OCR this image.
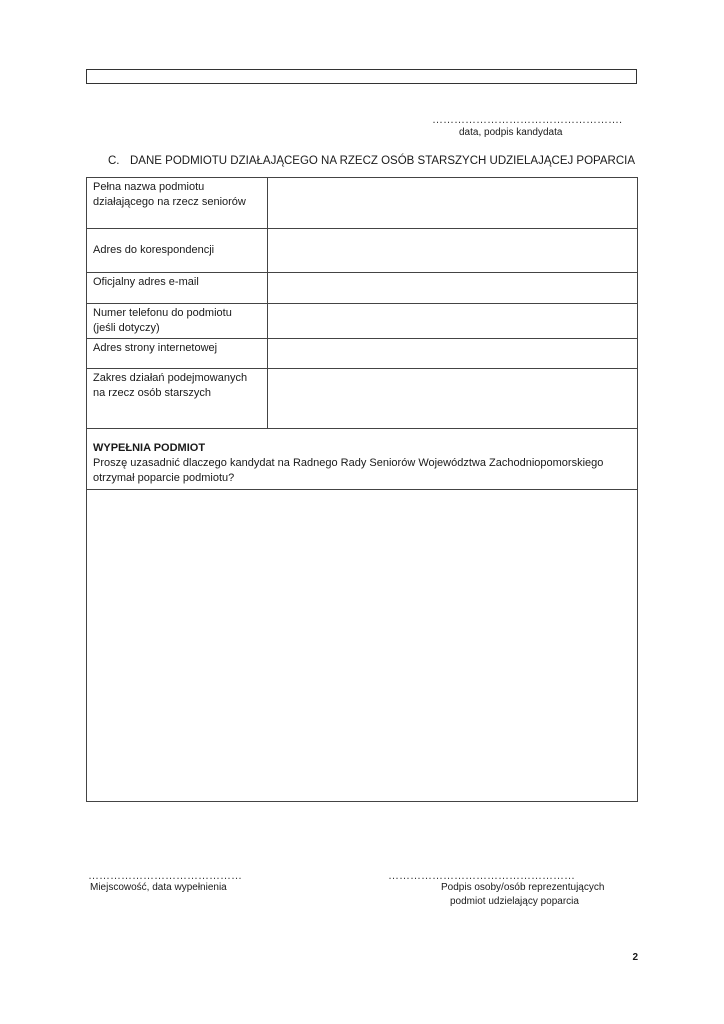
…………………………………………….
data, podpis kandydata
C. DANE PODMIOTU DZIAŁAJĄCEGO NA RZECZ OSÓB STARSZYCH UDZIELAJĄCEJ POPARCIA
Pełna nazwa podmiotu
działającego na rzecz seniorów	
Adres do korespondencji	
Oficjalny adres e-mail	
Numer telefonu do podmiotu
(jeśli dotyczy)	
Adres strony internetowej	
Zakres działań podejmowanych
na rzecz osób starszych	

WYPEŁNIA PODMIOT
Proszę uzasadnić dlaczego kandydat na Radnego Rady Seniorów Województwa Zachodniopomorskiego otrzymał poparcie podmiotu?	

……………………………………
Miejscowość, data wypełnienia
……………………………………………
Podpis osoby/osób reprezentujących
podmiot udzielający poparcia
2
